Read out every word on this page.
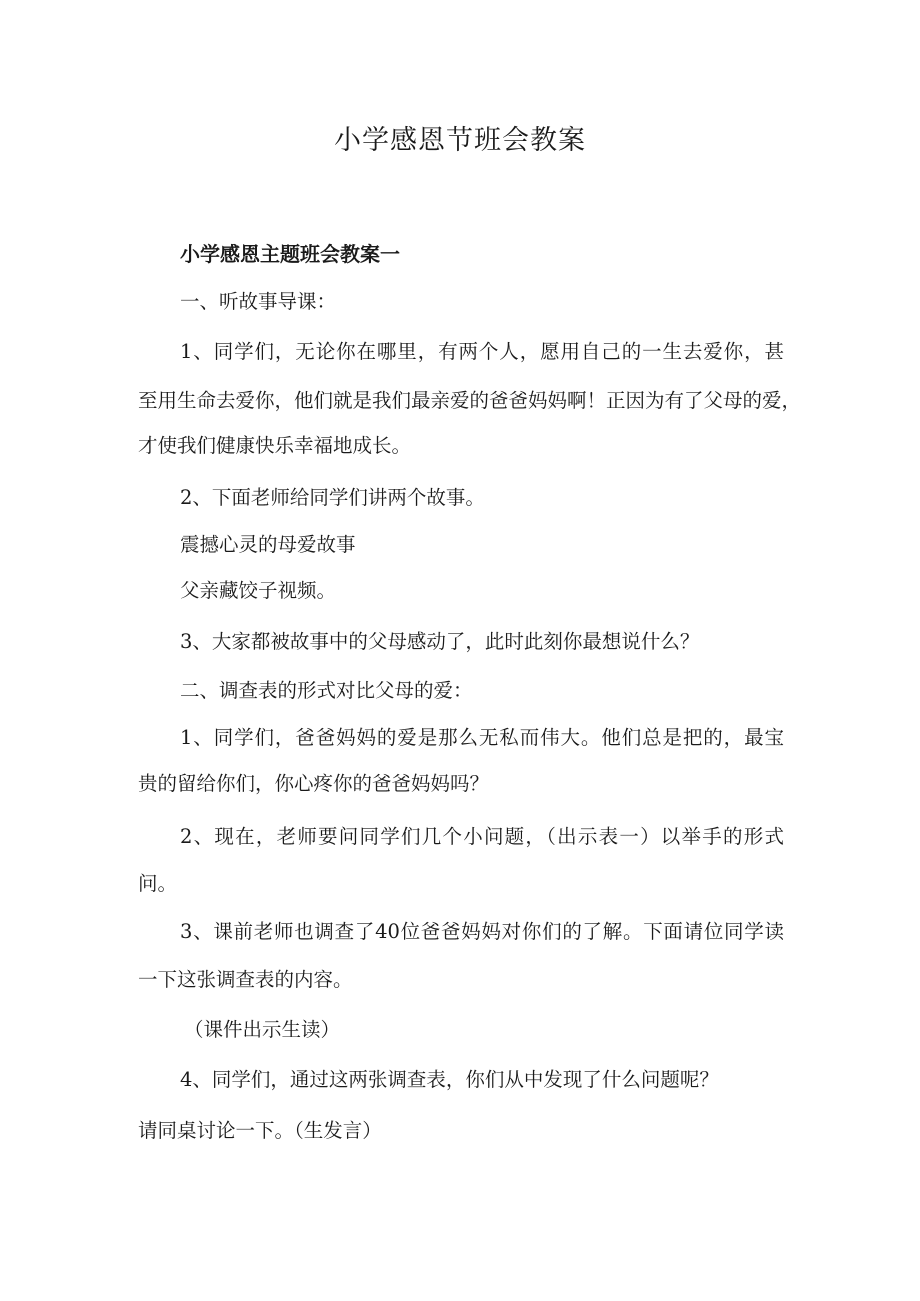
小学感恩节班会教案
小学感恩主题班会教案一

一、听故事导课：

1、同学们，无论你在哪里，有两个人，愿用自己的一生去爱你，甚

至用生命去爱你，他们就是我们最亲爱的爸爸妈妈啊！正因为有了父母的爱，

才使我们健康快乐幸福地成长。

2、下面老师给同学们讲两个故事。

震撼心灵的母爱故事

父亲藏饺子视频。

3、大家都被故事中的父母感动了，此时此刻你最想说什么？

二、调查表的形式对比父母的爱：

1、同学们，爸爸妈妈的爱是那么无私而伟大。他们总是把的，最宝

贵的留给你们，你心疼你的爸爸妈妈吗？

2、现在，老师要问同学们几个小问题，（出示表一）以举手的形式

问。

3、课前老师也调查了40位爸爸妈妈对你们的了解。下面请位同学读

一下这张调查表的内容。

（课件出示生读）

4、同学们，通过这两张调查表，你们从中发现了什么问题呢？

请同桌讨论一下。（生发言）
